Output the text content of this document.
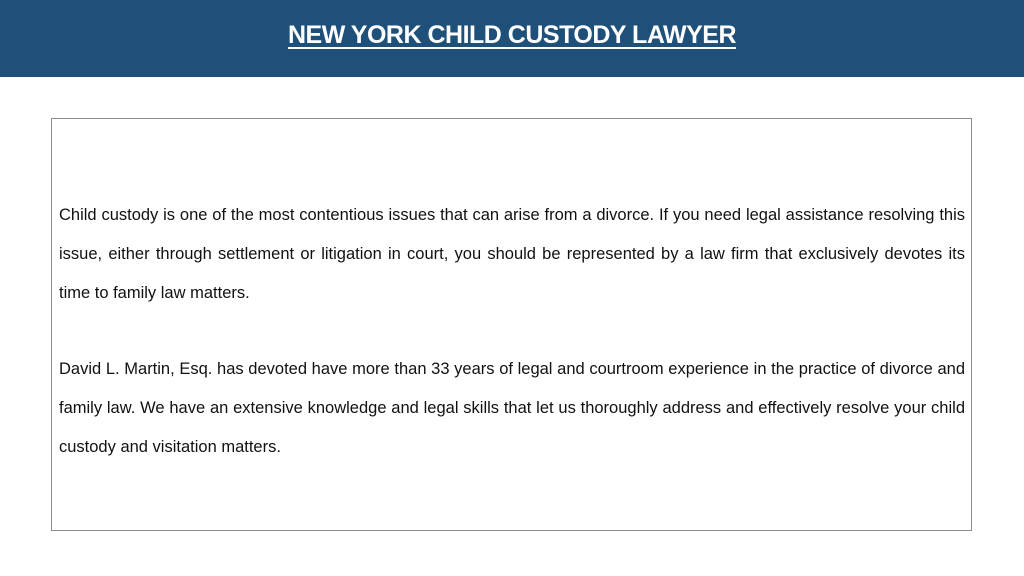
NEW YORK CHILD CUSTODY LAWYER

Child custody is one of the most contentious issues that can arise from a divorce. If you need legal assistance resolving this issue, either through settlement or litigation in court, you should be represented by a law firm that exclusively devotes its time to family law matters.

David L. Martin, Esq. has devoted have more than 33 years of legal and courtroom experience in the practice of divorce and family law. We have an extensive knowledge and legal skills that let us thoroughly address and effectively resolve your child custody and visitation matters.
